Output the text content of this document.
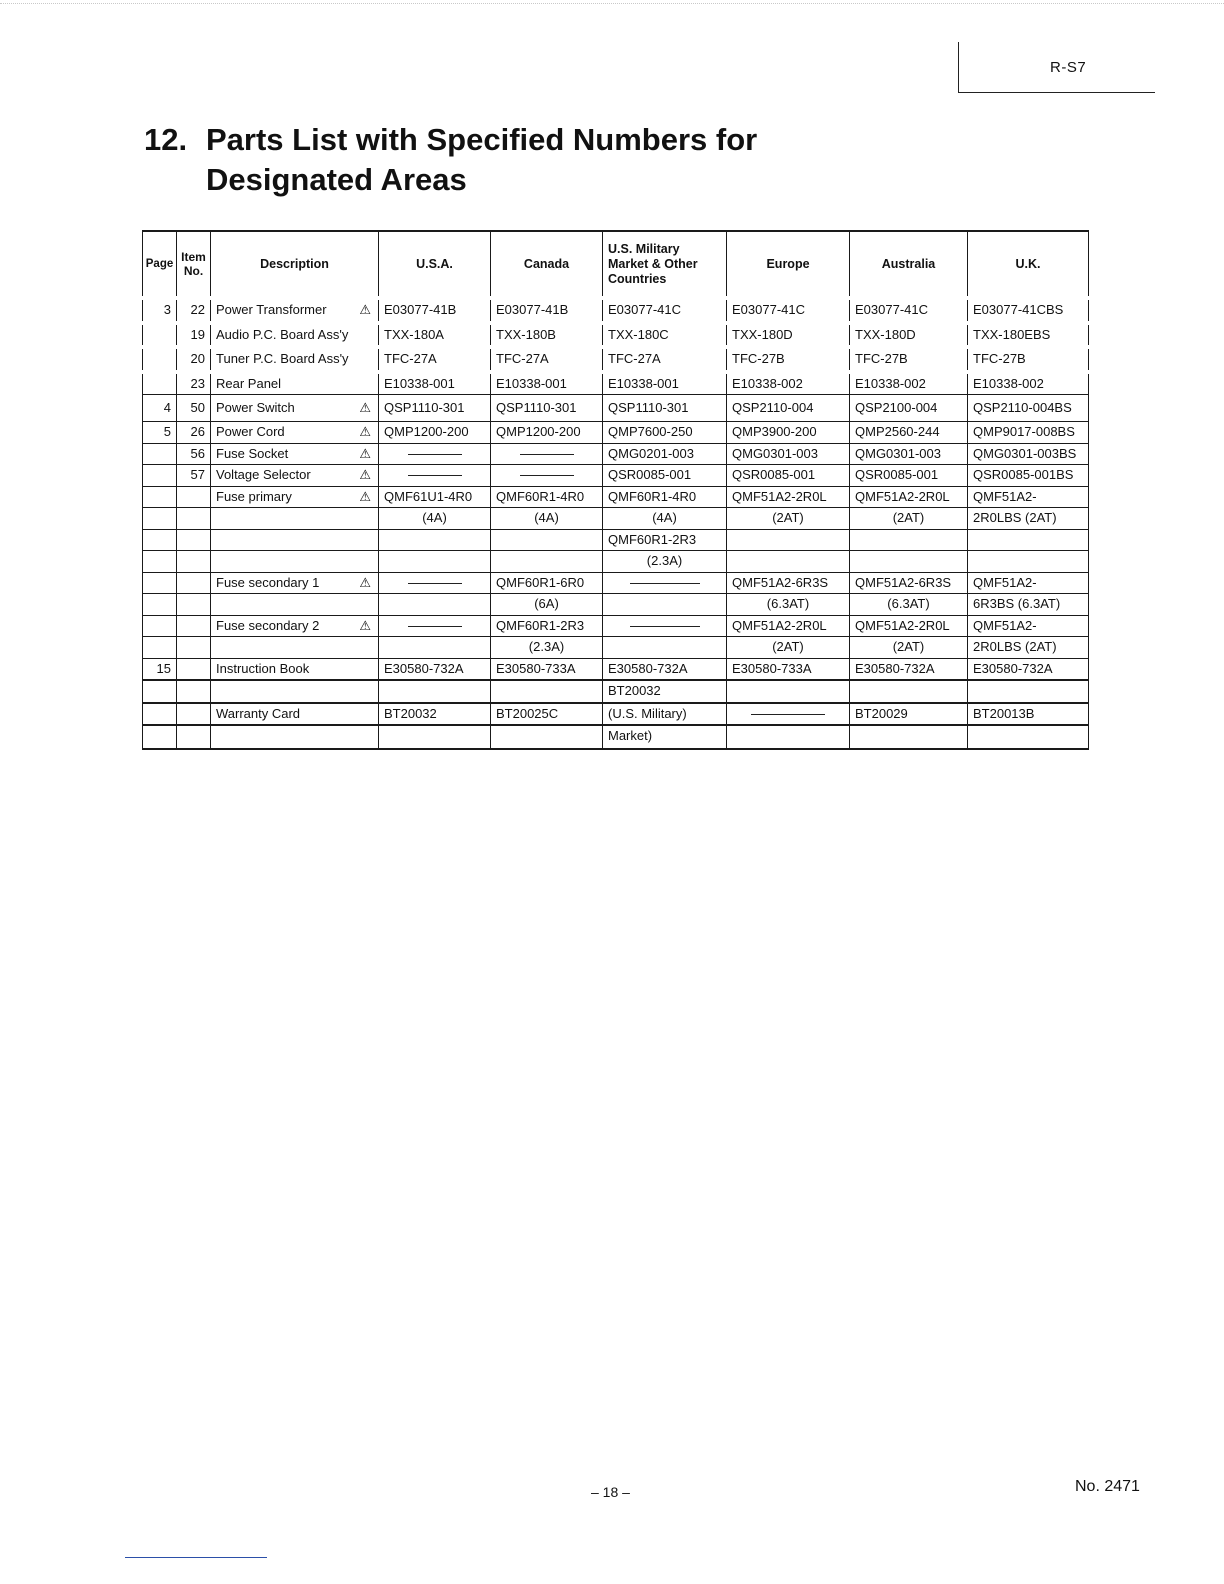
R-S7
12. Parts List with Specified Numbers for
Designated Areas
Page	Item No.	Description	U.S.A.	Canada	U.S. Military Market & Other Countries	Europe	Australia	U.K.
3	22	Power Transformer ⚠	E03077-41B	E03077-41B	E03077-41C	E03077-41C	E03077-41C	E03077-41CBS
	19	Audio P.C. Board Ass'y	TXX-180A	TXX-180B	TXX-180C	TXX-180D	TXX-180D	TXX-180EBS
	20	Tuner P.C. Board Ass'y	TFC-27A	TFC-27A	TFC-27A	TFC-27B	TFC-27B	TFC-27B
	23	Rear Panel	E10338-001	E10338-001	E10338-001	E10338-002	E10338-002	E10338-002
4	50	Power Switch ⚠	QSP1110-301	QSP1110-301	QSP1110-301	QSP2110-004	QSP2100-004	QSP2110-004BS
5	26	Power Cord ⚠	QMP1200-200	QMP1200-200	QMP7600-250	QMP3900-200	QMP2560-244	QMP9017-008BS
	56	Fuse Socket ⚠			QMG0201-003	QMG0301-003	QMG0301-003	QMG0301-003BS
	57	Voltage Selector ⚠			QSR0085-001	QSR0085-001	QSR0085-001	QSR0085-001BS

		Fuse primary ⚠	QMF61U1-4R0	QMF60R1-4R0	QMF60R1-4R0	QMF51A2-2R0L	QMF51A2-2R0L	QMF51A2-
			(4A)	(4A)	(4A)	(2AT)	(2AT)	2R0LBS (2AT)
					QMF60R1-2R3			
					(2.3A)			

		Fuse secondary 1 ⚠		QMF60R1-6R0		QMF51A2-6R3S	QMF51A2-6R3S	QMF51A2-
				(6A)		(6.3AT)	(6.3AT)	6R3BS (6.3AT)

		Fuse secondary 2 ⚠		QMF60R1-2R3		QMF51A2-2R0L	QMF51A2-2R0L	QMF51A2-
				(2.3A)		(2AT)	(2AT)	2R0LBS (2AT)
15		Instruction Book	E30580-732A	E30580-733A	E30580-732A	E30580-733A	E30580-732A	E30580-732A
					BT20032			
		Warranty Card	BT20032	BT20025C	(U.S. Military)		BT20029	BT20013B
					Market)			
– 18 –	No. 2471
